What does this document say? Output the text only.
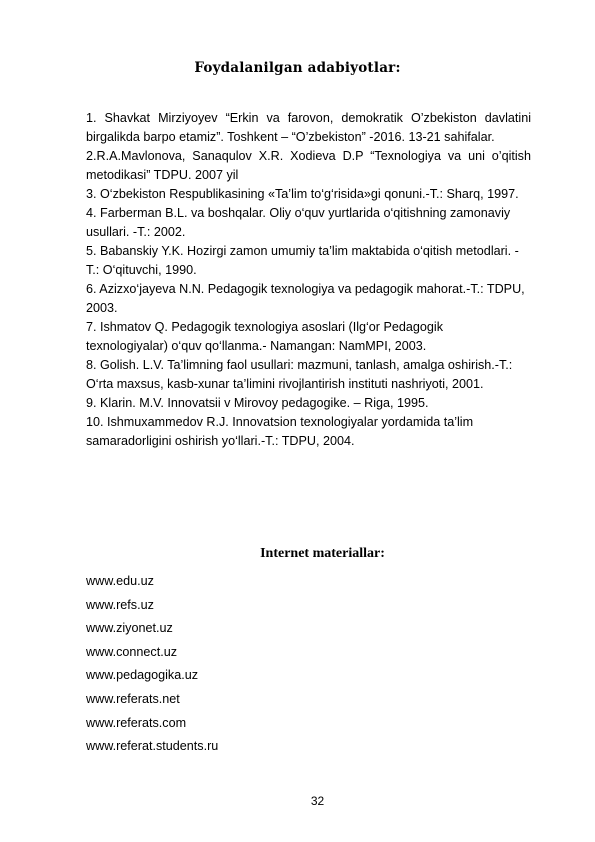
Foydalanilgan adabiyotlar:

1. Shavkat Mirziyoyev “Erkin va farovon, demokratik O’zbekiston davlatini
birgalikda barpo etamiz”. Toshkent – “O’zbekiston” -2016. 13-21 sahifalar.

2.R.A.Mavlonova, Sanaqulov X.R. Xodieva D.P “Texnologiya va uni o’qitish
metodikasi” TDPU. 2007 yil

3. O‘zbekiston Respublikasining «Ta’lim to‘g‘risida»gi qonuni.-T.: Sharq, 1997.

4. Farberman B.L. va boshqalar. Oliy o‘quv yurtlarida o‘qitishning zamonaviy usullari. -T.: 2002.

5. Babanskiy Y.K. Hozirgi zamon umumiy ta’lim maktabida o‘qitish metodlari. - T.: O‘qituvchi, 1990.

6. Azizxo‘jayeva N.N. Pedagogik texnologiya va pedagogik mahorat.-T.: TDPU, 2003.

7. Ishmatov Q. Pedagogik texnologiya asoslari (Ilg‘or Pedagogik texnologiyalar) o‘quv qo‘llanma.- Namangan: NamMPI, 2003.

8. Golish. L.V. Ta’limning faol usullari: mazmuni, tanlash, amalga oshirish.-T.: O‘rta maxsus, kasb-xunar ta’limini rivojlantirish instituti nashriyoti, 2001.

9. Klarin. M.V. Innovatsii v Mirovoy pedagogike. – Riga, 1995.

10. Ishmuxammedov R.J. Innovatsion texnologiyalar yordamida ta’lim samaradorligini oshirish yo‘llari.-T.: TDPU, 2004.

Internet materiallar:
www.edu.uz
www.refs.uz
www.ziyonet.uz
www.connect.uz
www.pedagogika.uz
www.referats.net
www.referats.com
www.referat.students.ru
32
